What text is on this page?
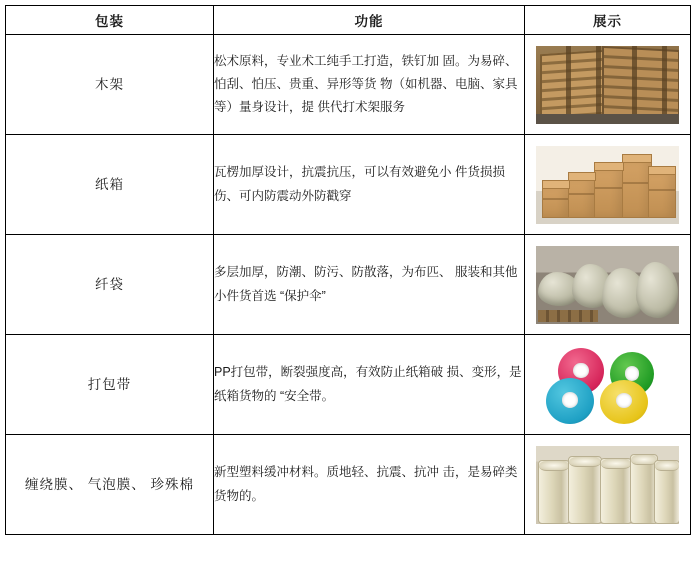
包装	功能	展示
木架	松术原料，专业术工纯手工打造，铁钉加 固。为易碎、怕刮、怕压、贵重、异形等货 物（如机器、电脑、家具等）量身设计，提 供代打术架服务	

纸箱	瓦楞加厚设计，抗震抗压，可以有效避免小 件货损损伤、可内防震动外防戳穿	

纤袋	多层加厚，防潮、防污、防散落，为布匹、 服装和其他小件货首选 “保护伞”	

打包带	PP打包带，断裂强度高，有效防止纸箱破 损、变形，是纸箱货物的 “安全带。	

缠绕膜、 气泡膜、 珍殊棉	新型塑料缓冲材料。质地轻、抗震、抗冲 击，是易碎类货物的。	
